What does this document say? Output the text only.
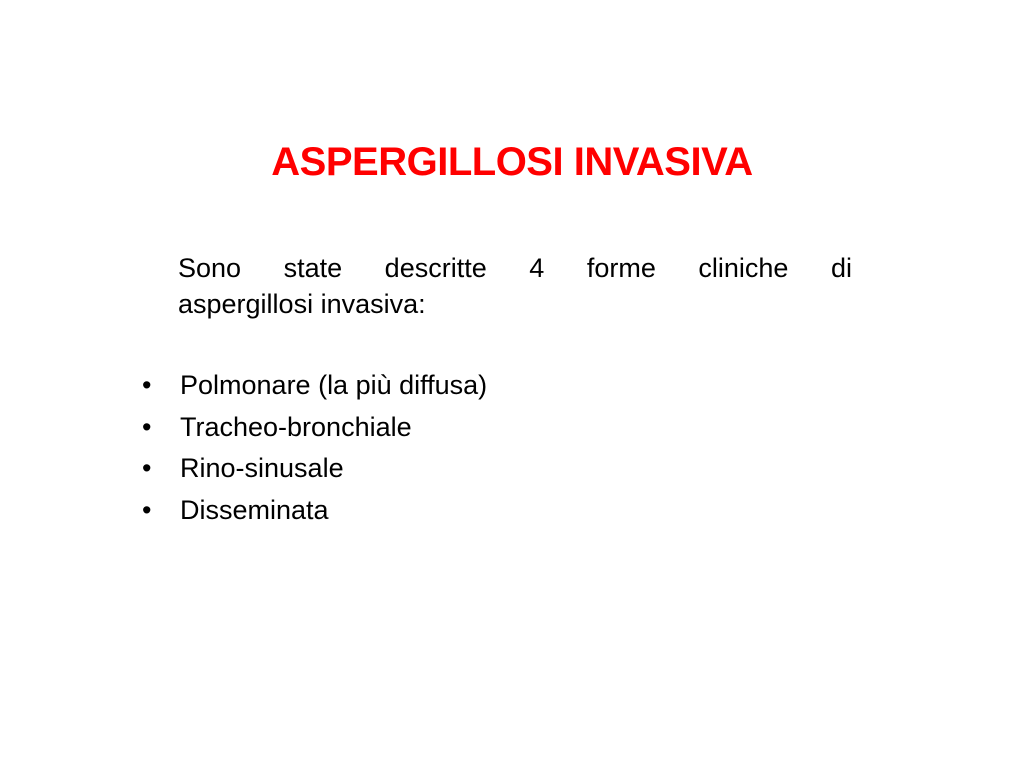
ASPERGILLOSI INVASIVA

Sono state descritte 4 forme cliniche di
aspergillosi invasiva:

•	Polmonare (la più diffusa)
•	Tracheo-bronchiale
•	Rino-sinusale
•	Disseminata
